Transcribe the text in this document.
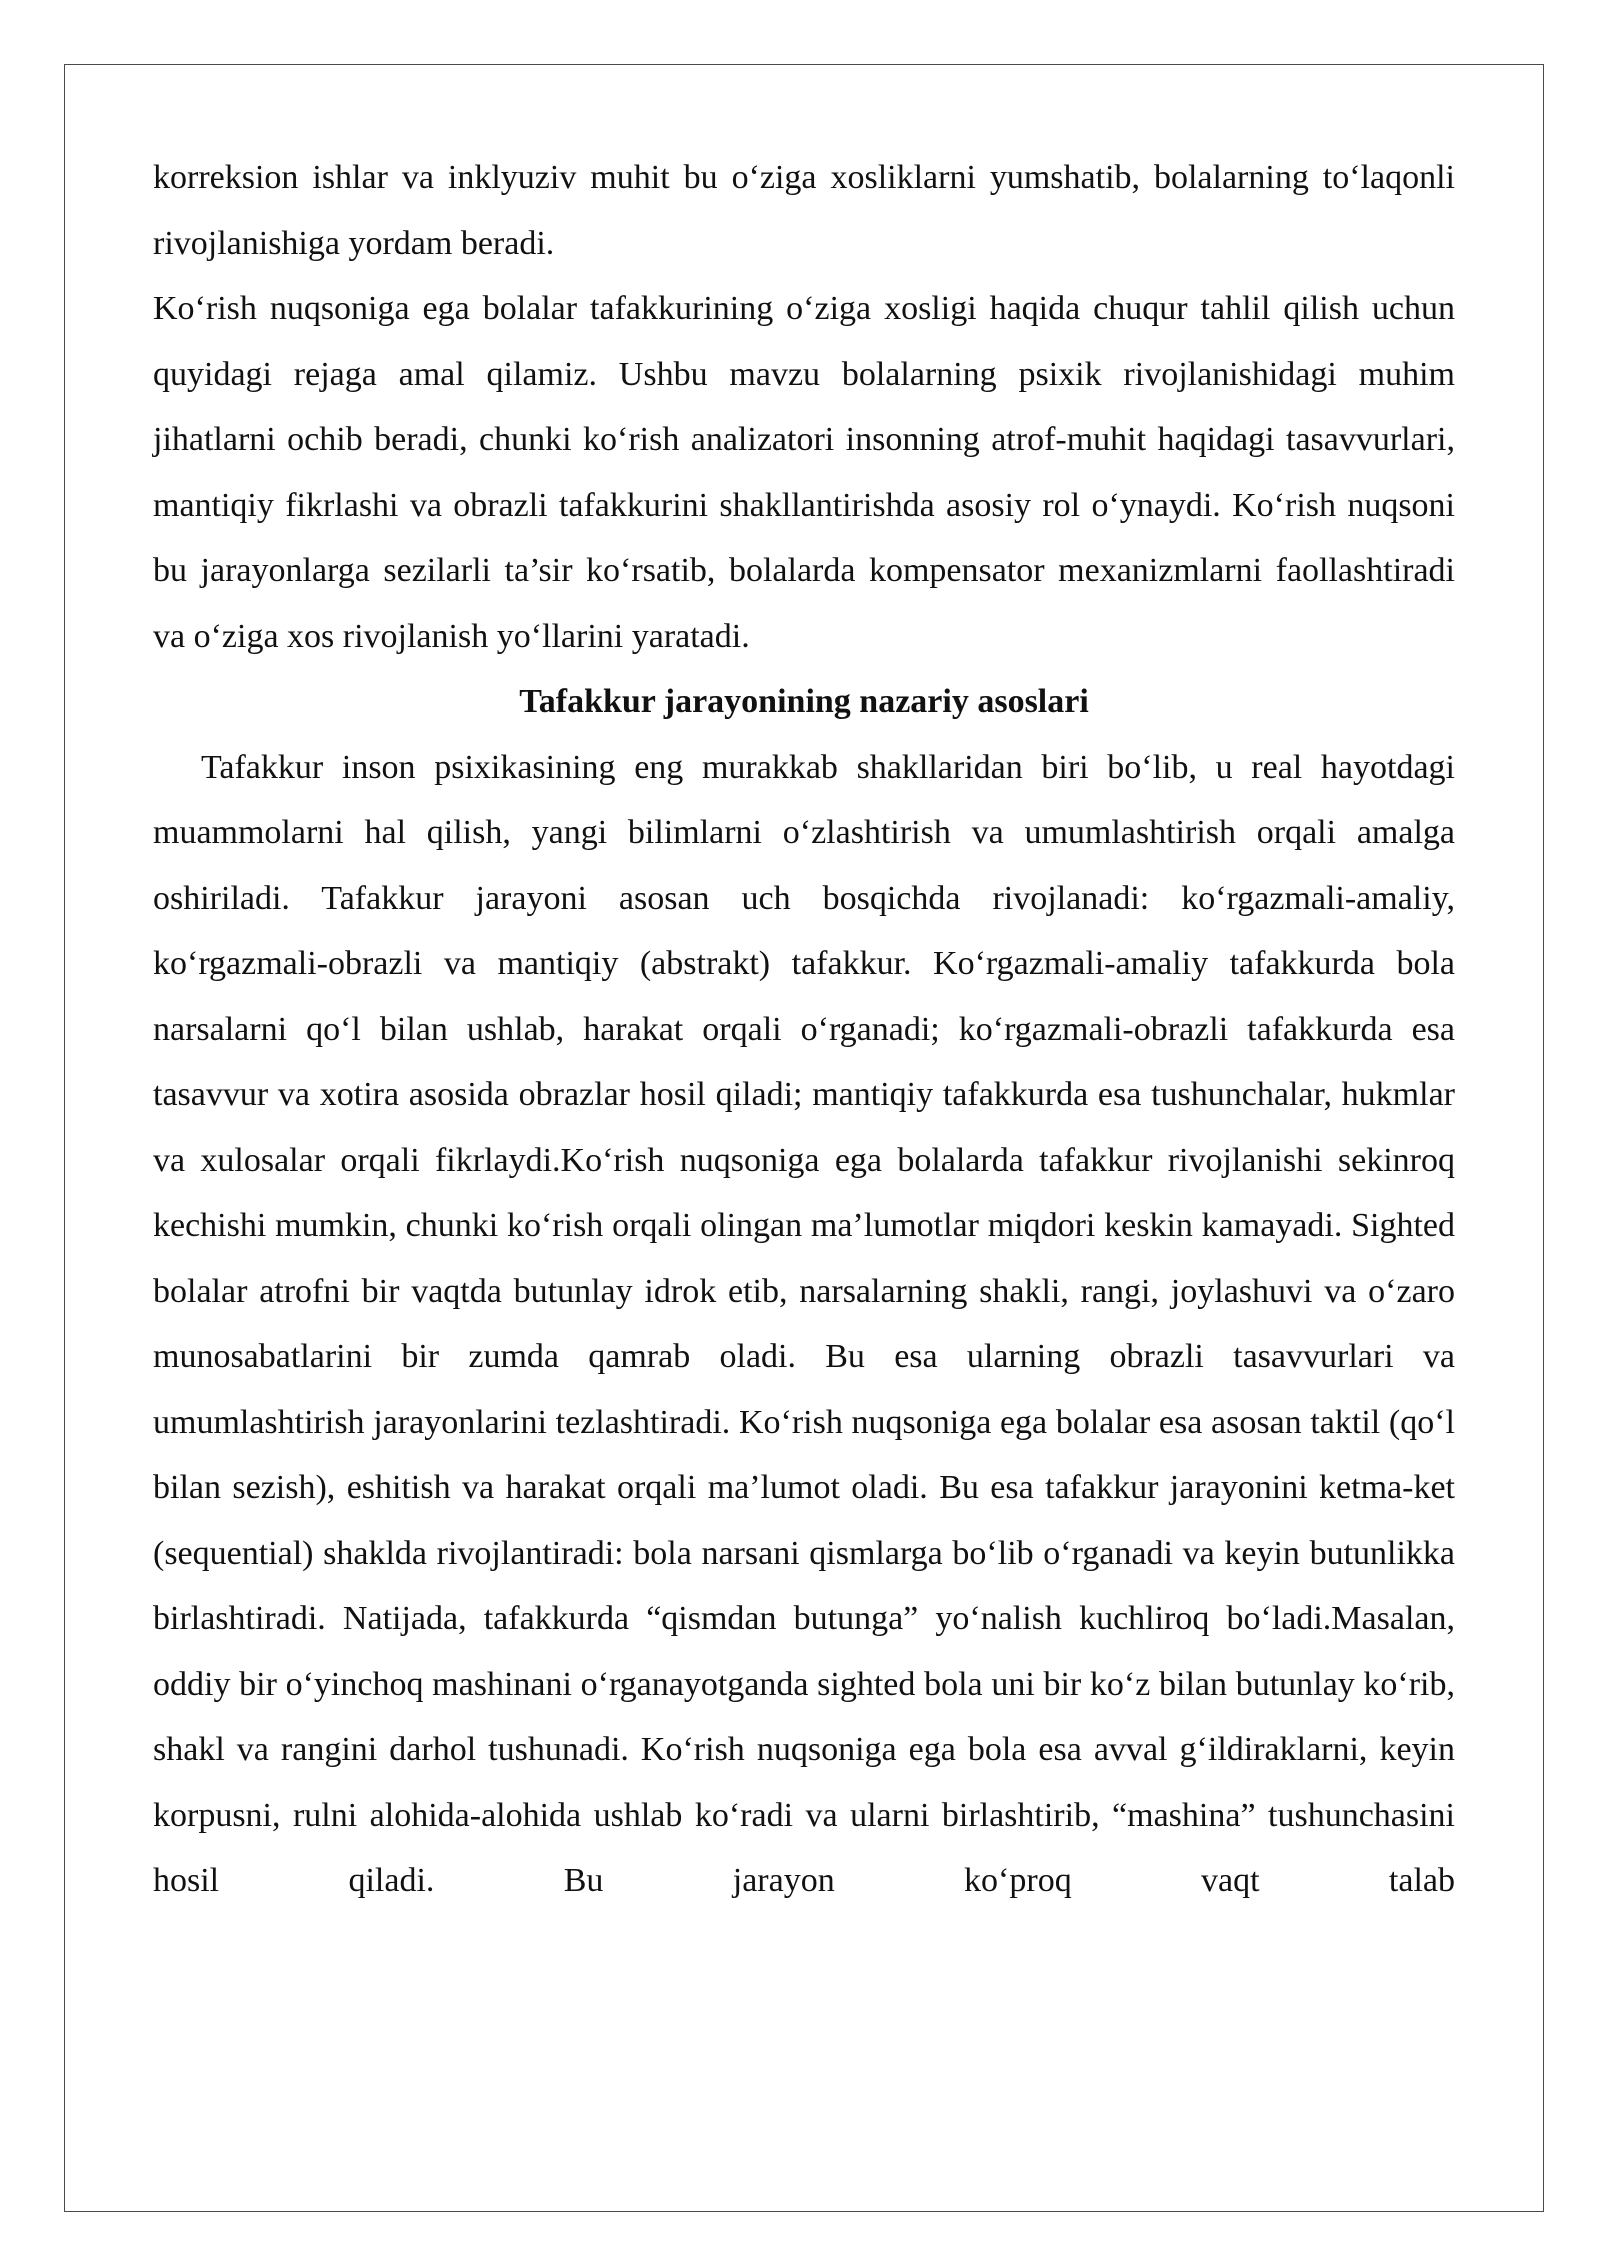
korreksion ishlar va inklyuziv muhit bu o‘ziga xosliklarni yumshatib, bolalarning to‘laqonli rivojlanishiga yordam beradi.

Ko‘rish nuqsoniga ega bolalar tafakkurining o‘ziga xosligi haqida chuqur tahlil qilish uchun quyidagi rejaga amal qilamiz. Ushbu mavzu bolalarning psixik rivojlanishidagi muhim jihatlarni ochib beradi, chunki ko‘rish analizatori insonning atrof-muhit haqidagi tasavvurlari, mantiqiy fikrlashi va obrazli tafakkurini shakllantirishda asosiy rol o‘ynaydi. Ko‘rish nuqsoni bu jarayonlarga sezilarli ta’sir ko‘rsatib, bolalarda kompensator mexanizmlarni faollashtiradi va o‘ziga xos rivojlanish yo‘llarini yaratadi.

Tafakkur jarayonining nazariy asoslari

Tafakkur inson psixikasining eng murakkab shakllaridan biri bo‘lib, u real hayotdagi muammolarni hal qilish, yangi bilimlarni o‘zlashtirish va umumlashtirish orqali amalga oshiriladi. Tafakkur jarayoni asosan uch bosqichda rivojlanadi: ko‘rgazmali-amaliy, ko‘rgazmali-obrazli va mantiqiy (abstrakt) tafakkur. Ko‘rgazmali-amaliy tafakkurda bola narsalarni qo‘l bilan ushlab, harakat orqali o‘rganadi; ko‘rgazmali-obrazli tafakkurda esa tasavvur va xotira asosida obrazlar hosil qiladi; mantiqiy tafakkurda esa tushunchalar, hukmlar va xulosalar orqali fikrlaydi.Ko‘rish nuqsoniga ega bolalarda tafakkur rivojlanishi sekinroq kechishi mumkin, chunki ko‘rish orqali olingan ma’lumotlar miqdori keskin kamayadi. Sighted bolalar atrofni bir vaqtda butunlay idrok etib, narsalarning shakli, rangi, joylashuvi va o‘zaro munosabatlarini bir zumda qamrab oladi. Bu esa ularning obrazli tasavvurlari va umumlashtirish jarayonlarini tezlashtiradi. Ko‘rish nuqsoniga ega bolalar esa asosan taktil (qo‘l bilan sezish), eshitish va harakat orqali ma’lumot oladi. Bu esa tafakkur jarayonini ketma-ket (sequential) shaklda rivojlantiradi: bola narsani qismlarga bo‘lib o‘rganadi va keyin butunlikka birlashtiradi. Natijada, tafakkurda “qismdan butunga” yo‘nalish kuchliroq bo‘ladi.Masalan, oddiy bir o‘yinchoq mashinani o‘rganayotganda sighted bola uni bir ko‘z bilan butunlay ko‘rib, shakl va rangini darhol tushunadi. Ko‘rish nuqsoniga ega bola esa avval g‘ildiraklarni, keyin korpusni, rulni alohida-alohida ushlab ko‘radi va ularni birlashtirib, “mashina” tushunchasini hosil qiladi. Bu jarayon ko‘proq vaqt talab
